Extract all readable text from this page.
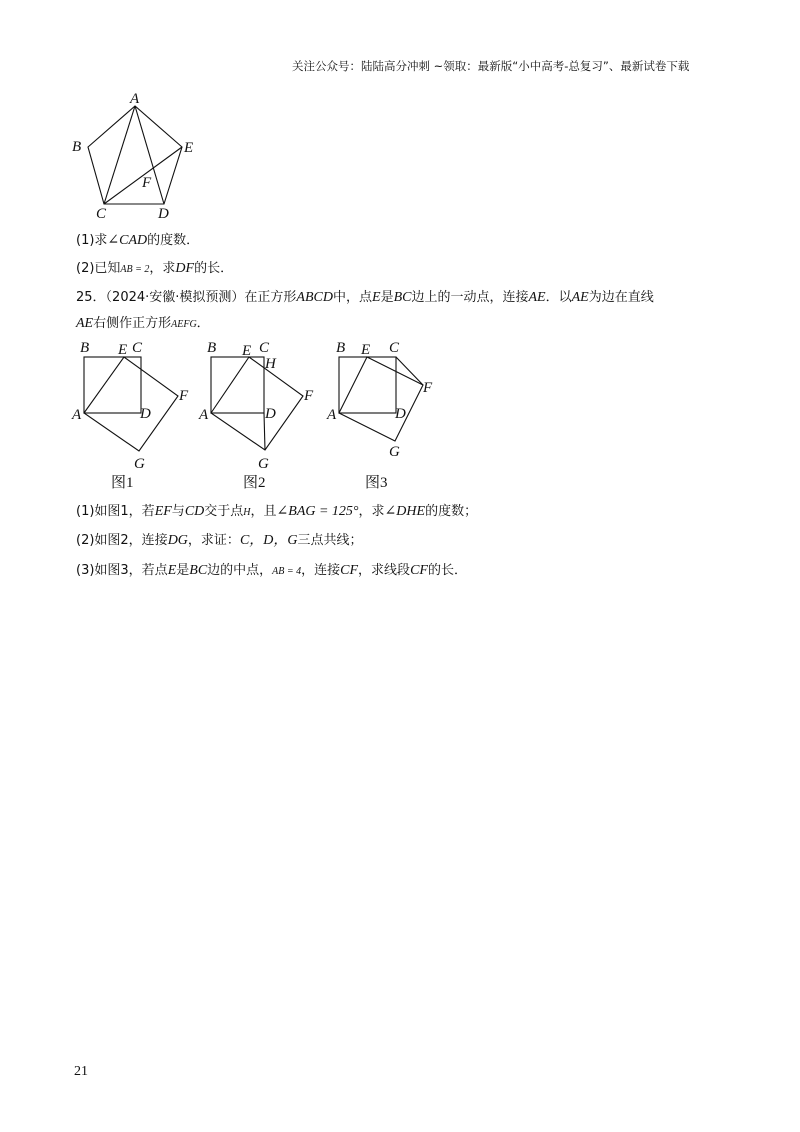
关注公众号：陆陆高分冲刺 ~领取：最新版“小中高考-总复习”、最新试卷下载
A
B	E
F
C	D
(1)求∠CAD的度数．
(2)已知AB = 2，求DF的长．
25．（2024·安徽·模拟预测）在正方形ABCD中，点E是BC边上的一动点，连接AE．以AE为边在直线
AE右侧作正方形AEFG．
B E C
F
A	D
G
图1
B E C
H
F
A	D
G
图2
B E C
F
A	D
G
图3
(1)如图1，若EF与CD交于点H，且∠BAG = 125°，求∠DHE的度数；
(2)如图2，连接DG，求证：C，D，G三点共线；
(3)如图3，若点E是BC边的中点，AB = 4，连接CF，求线段CF的长．
21
